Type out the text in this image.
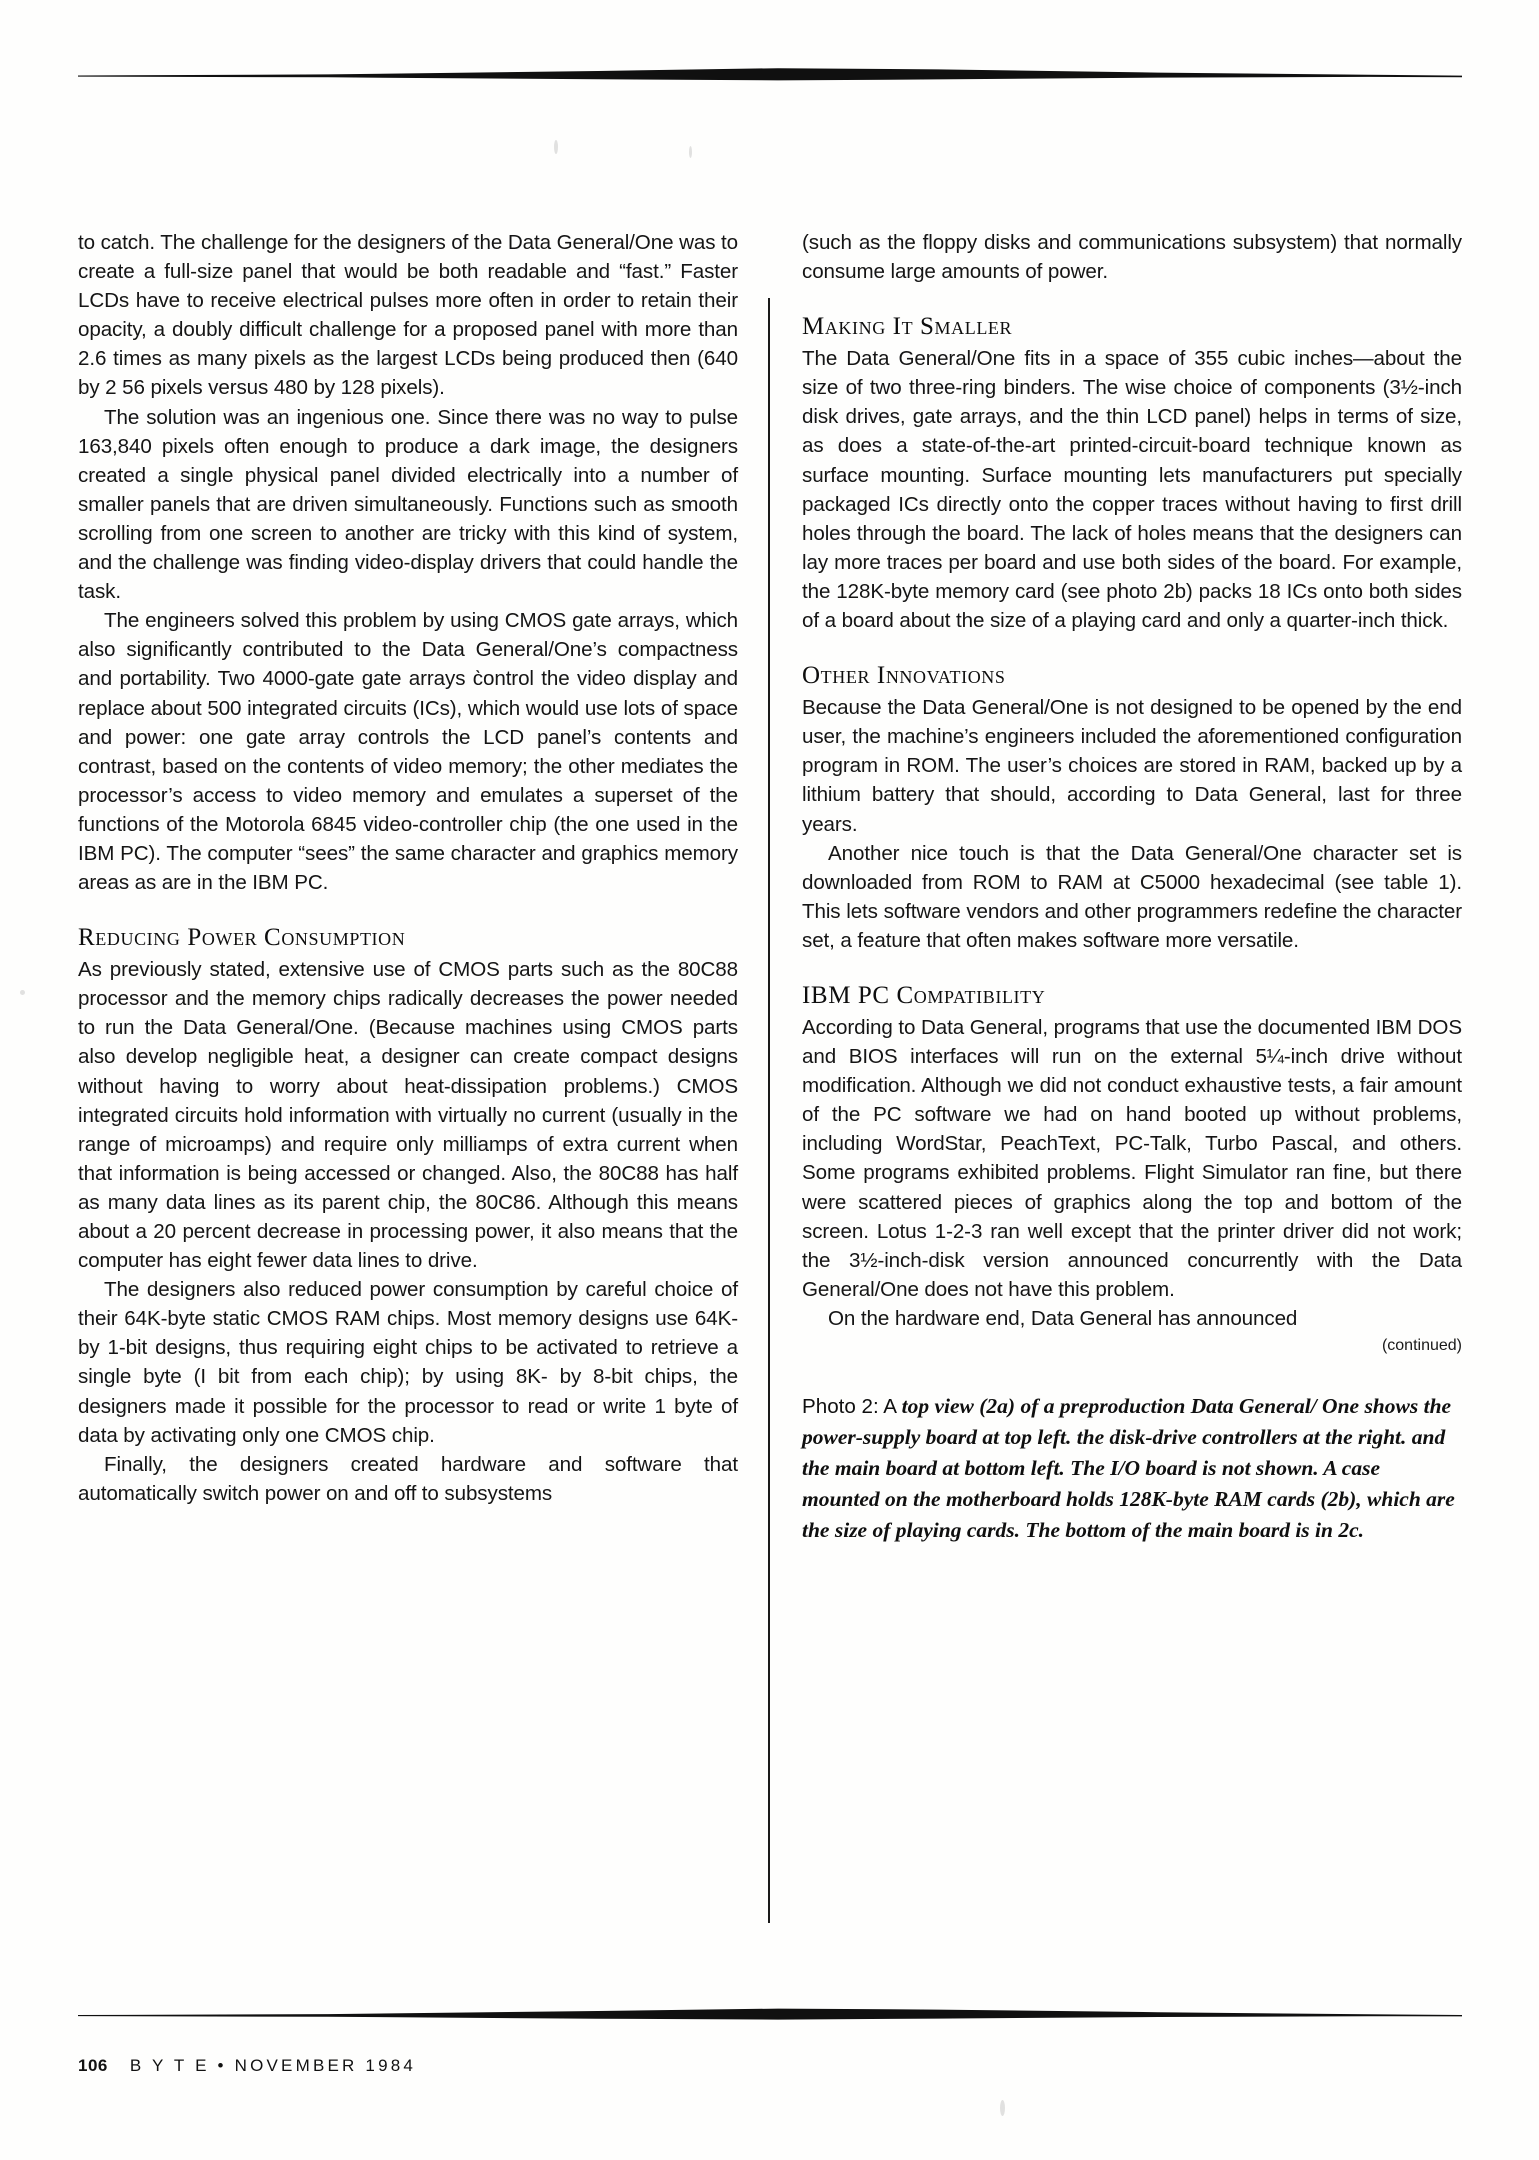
to catch. The challenge for the designers of the Data General/One was to create a full-size panel that would be both readable and “fast.” Faster LCDs have to receive electrical pulses more often in order to retain their opacity, a doubly difficult challenge for a proposed panel with more than 2.6 times as many pixels as the largest LCDs being produced then (640 by 2 56 pixels versus 480 by 128 pixels).

The solution was an ingenious one. Since there was no way to pulse 163,840 pixels often enough to produce a dark image, the designers created a single physical panel divided electrically into a number of smaller panels that are driven simultaneously. Functions such as smooth scrolling from one screen to another are tricky with this kind of system, and the challenge was finding video-display drivers that could handle the task.

The engineers solved this problem by using CMOS gate arrays, which also significantly contributed to the Data General/One’s compactness and portability. Two 4000-gate gate arrays c̀ontrol the video display and replace about 500 integrated circuits (ICs), which would use lots of space and power: one gate array controls the LCD panel’s contents and contrast, based on the contents of video memory; the other mediates the processor’s access to video memory and emulates a superset of the functions of the Motorola 6845 video-controller chip (the one used in the IBM PC). The computer “sees” the same character and graphics memory areas as are in the IBM PC.

Reducing Power Consumption

As previously stated, extensive use of CMOS parts such as the 80C88 processor and the memory chips radically decreases the power needed to run the Data General/One. (Because machines using CMOS parts also develop negligible heat, a designer can create compact designs without having to worry about heat-dissipation problems.) CMOS integrated circuits hold information with virtually no current (usually in the range of microamps) and require only milliamps of extra current when that information is being accessed or changed. Also, the 80C88 has half as many data lines as its parent chip, the 80C86. Although this means about a 20 percent decrease in processing power, it also means that the computer has eight fewer data lines to drive.

The designers also reduced power consumption by careful choice of their 64K-byte static CMOS RAM chips. Most memory designs use 64K- by 1-bit designs, thus requiring eight chips to be activated to retrieve a single byte (I bit from each chip); by using 8K- by 8-bit chips, the designers made it possible for the processor to read or write 1 byte of data by activating only one CMOS chip.

Finally, the designers created hardware and software that automatically switch power on and off to subsystems

(such as the floppy disks and communications subsystem) that normally consume large amounts of power.

Making It Smaller

The Data General/One fits in a space of 355 cubic inches—about the size of two three-ring binders. The wise choice of components (3½-inch disk drives, gate arrays, and the thin LCD panel) helps in terms of size, as does a state-of-the-art printed-circuit-board technique known as surface mounting. Surface mounting lets manufacturers put specially packaged ICs directly onto the copper traces without having to first drill holes through the board. The lack of holes means that the designers can lay more traces per board and use both sides of the board. For example, the 128K-byte memory card (see photo 2b) packs 18 ICs onto both sides of a board about the size of a playing card and only a quarter-inch thick.

Other Innovations

Because the Data General/One is not designed to be opened by the end user, the machine’s engineers included the aforementioned configuration program in ROM. The user’s choices are stored in RAM, backed up by a lithium battery that should, according to Data General, last for three years.

Another nice touch is that the Data General/One character set is downloaded from ROM to RAM at C5000 hexadecimal (see table 1). This lets software vendors and other programmers redefine the character set, a feature that often makes software more versatile.

IBM PC Compatibility

According to Data General, programs that use the documented IBM DOS and BIOS interfaces will run on the external 5¼-inch drive without modification. Although we did not conduct exhaustive tests, a fair amount of the PC software we had on hand booted up without problems, including WordStar, PeachText, PC-Talk, Turbo Pascal, and others. Some programs exhibited problems. Flight Simulator ran fine, but there were scattered pieces of graphics along the top and bottom of the screen. Lotus 1-2-3 ran well except that the printer driver did not work; the 3½-inch-disk version announced concurrently with the Data General/One does not have this problem.

On the hardware end, Data General has announced

(continued)

Photo 2: A top view (2a) of a preproduction Data General/ One shows the power-supply board at top left. the disk-drive controllers at the right. and the main board at bottom left. The I/O board is not shown. A case mounted on the motherboard holds 128K-byte RAM cards (2b), which are the size of playing cards. The bottom of the main board is in 2c.

106 B Y T E • NOVEMBER 1984
